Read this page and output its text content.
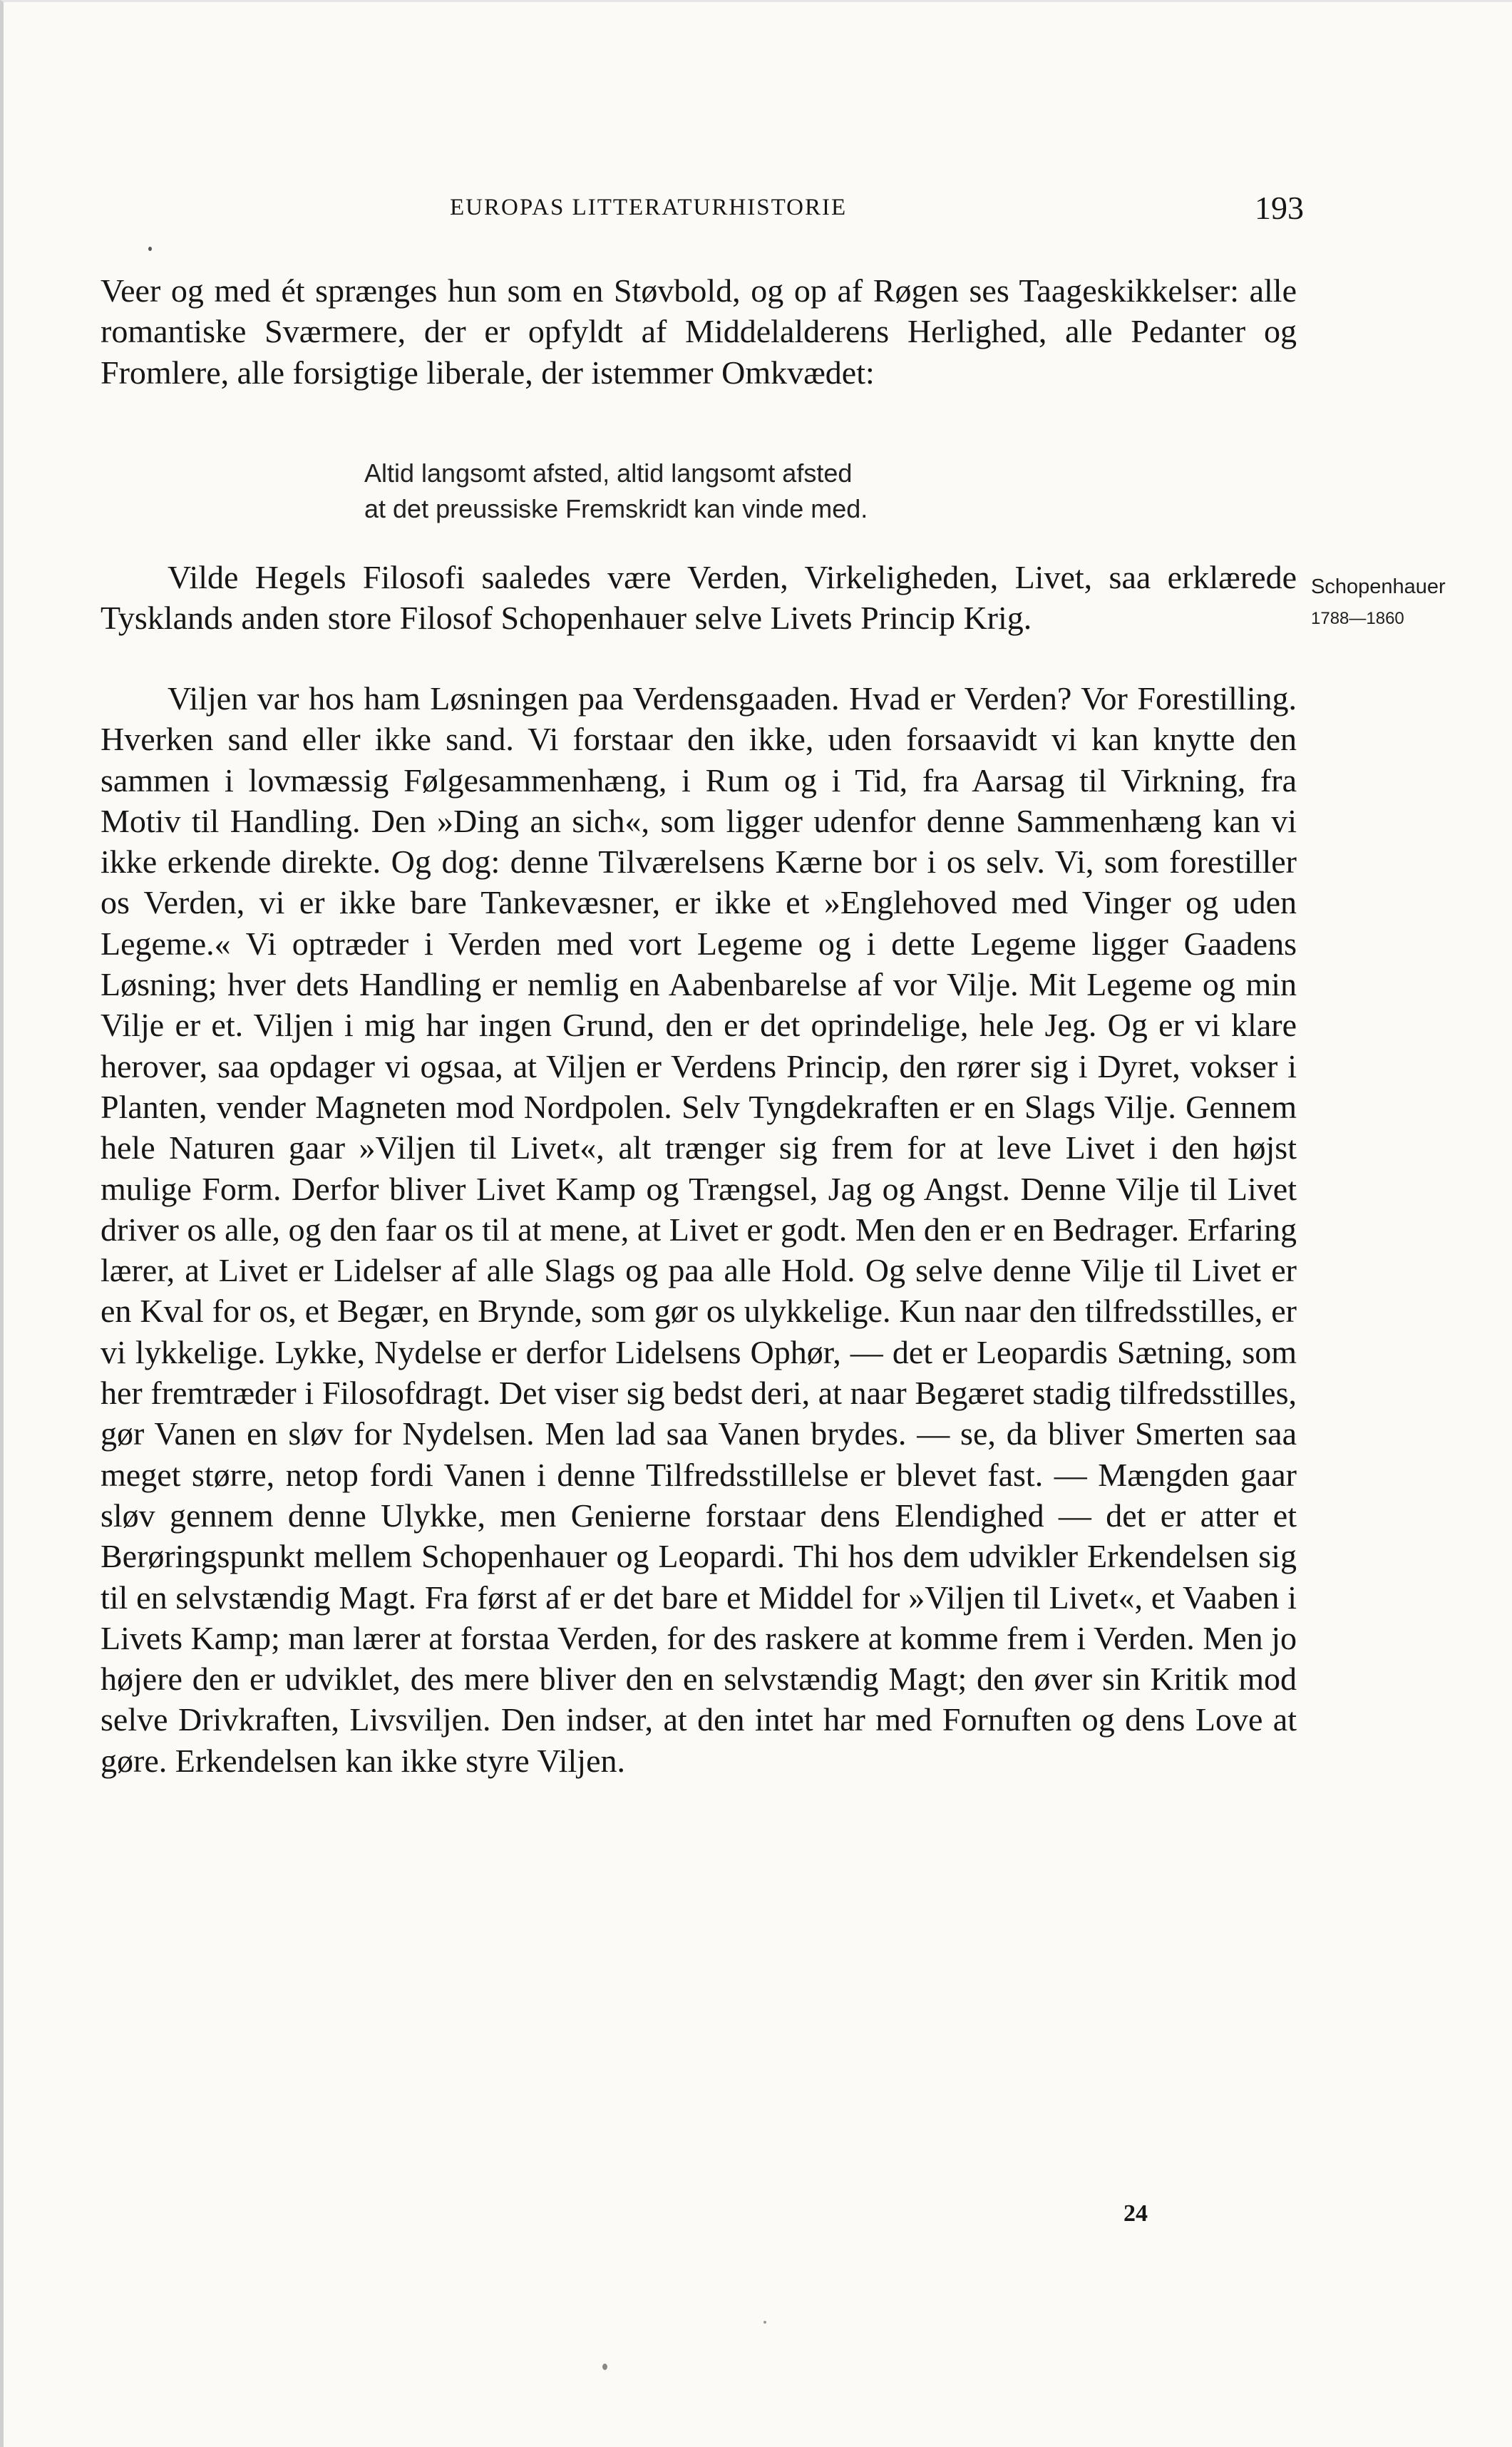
EUROPAS LITTERATURHISTORIE	193

Veer og med ét sprænges hun som en Støvbold, og op af Røgen ses Taageskikkelser: alle romantiske Sværmere, der er opfyldt af Middelalderens Herlighed, alle Pedanter og Fromlere, alle forsigtige liberale, der istemmer Omkvædet:

Altid langsomt afsted, altid langsomt afsted
at det preussiske Fremskridt kan vinde med.

Vilde Hegels Filosofi saaledes være Verden, Virkeligheden, Livet, saa erklærede Tysklands anden store Filosof Schopenhauer selve Livets Princip Krig.

Schopenhauer
1788—1860

Viljen var hos ham Løsningen paa Verdensgaaden. Hvad er Verden? Vor Forestilling. Hverken sand eller ikke sand. Vi forstaar den ikke, uden forsaavidt vi kan knytte den sammen i lovmæssig Følgesammenhæng, i Rum og i Tid, fra Aarsag til Virkning, fra Motiv til Handling. Den »Ding an sich«, som ligger udenfor denne Sammenhæng kan vi ikke erkende direkte. Og dog: denne Tilværelsens Kærne bor i os selv. Vi, som forestiller os Verden, vi er ikke bare Tankevæsner, er ikke et »Englehoved med Vinger og uden Legeme.« Vi optræder i Verden med vort Legeme og i dette Legeme ligger Gaadens Løsning; hver dets Handling er nemlig en Aabenbarelse af vor Vilje. Mit Legeme og min Vilje er et. Viljen i mig har ingen Grund, den er det oprindelige, hele Jeg. Og er vi klare herover, saa opdager vi ogsaa, at Viljen er Verdens Princip, den rører sig i Dyret, vokser i Planten, vender Magneten mod Nordpolen. Selv Tyngdekraften er en Slags Vilje. Gennem hele Naturen gaar »Viljen til Livet«, alt trænger sig frem for at leve Livet i den højst mulige Form. Derfor bliver Livet Kamp og Trængsel, Jag og Angst. Denne Vilje til Livet driver os alle, og den faar os til at mene, at Livet er godt. Men den er en Bedrager. Erfaring lærer, at Livet er Lidelser af alle Slags og paa alle Hold. Og selve denne Vilje til Livet er en Kval for os, et Begær, en Brynde, som gør os ulykkelige. Kun naar den tilfredsstilles, er vi lykkelige. Lykke, Nydelse er derfor Lidelsens Ophør, — det er Leopardis Sætning, som her fremtræder i Filosofdragt. Det viser sig bedst deri, at naar Begæret stadig tilfredsstilles, gør Vanen en sløv for Nydelsen. Men lad saa Vanen brydes. — se, da bliver Smerten saa meget større, netop fordi Vanen i denne Tilfredsstillelse er blevet fast. — Mængden gaar sløv gennem denne Ulykke, men Genierne forstaar dens Elendighed — det er atter et Berøringspunkt mellem Schopenhauer og Leopardi. Thi hos dem udvikler Erkendelsen sig til en selvstændig Magt. Fra først af er det bare et Middel for »Viljen til Livet«, et Vaaben i Livets Kamp; man lærer at forstaa Verden, for des raskere at komme frem i Verden. Men jo højere den er udviklet, des mere bliver den en selvstændig Magt; den øver sin Kritik mod selve Drivkraften, Livsviljen. Den indser, at den intet har med Fornuften og dens Love at gøre. Erkendelsen kan ikke styre Viljen.

24
